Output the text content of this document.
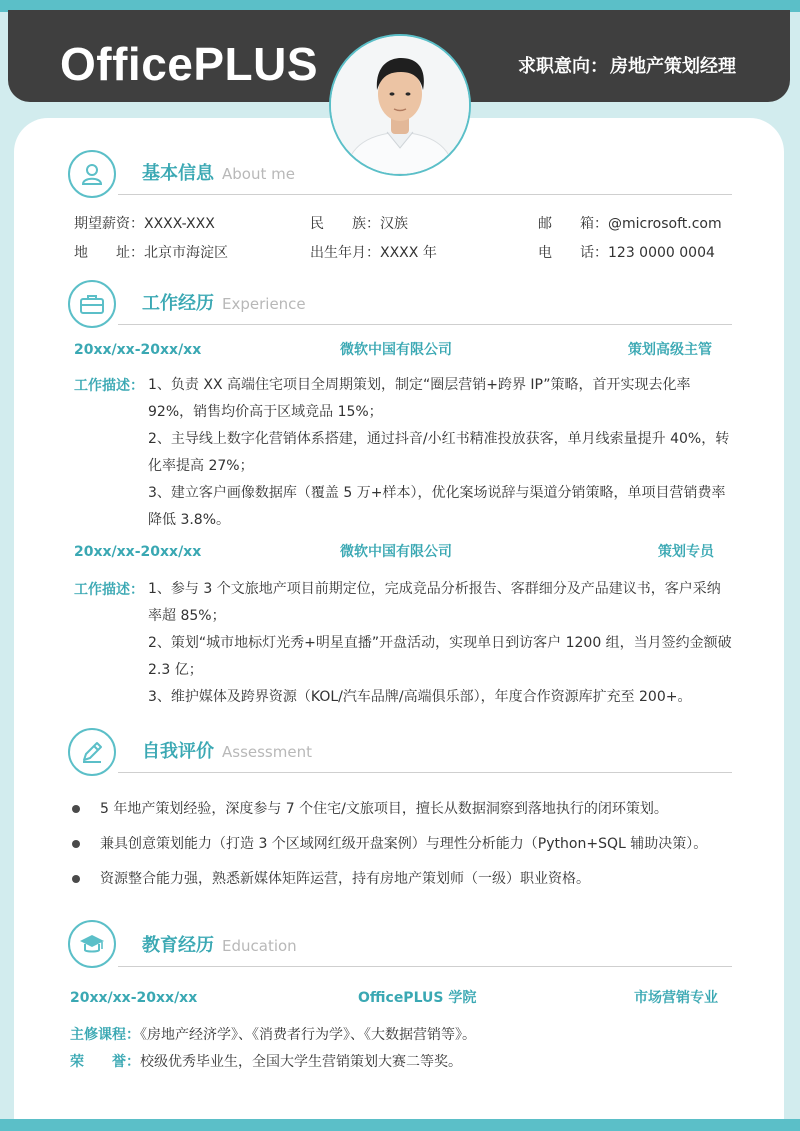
OfficePLUS	求职意向： 房地产策划经理
基本信息 About me
期望薪资：XXXX-XXX	民　　族：汉族	邮　　箱：@microsoft.com
地　　址：北京市海淀区	出生年月：XXXX 年	电　　话：123 0000 0004
工作经历 Experience
20xx/xx-20xx/xx	微软中国有限公司	策划高级主管
工作描述： 1、负责 XX 高端住宅项目全周期策划，制定“圈层营销+跨界 IP”策略，首开实现去化率 92%，销售均价高于区域竞品 15%；
2、主导线上数字化营销体系搭建，通过抖音/小红书精准投放获客，单月线索量提升 40%，转化率提高 27%；
3、建立客户画像数据库（覆盖 5 万+样本），优化案场说辞与渠道分销策略，单项目营销费率降低 3.8%。
20xx/xx-20xx/xx	微软中国有限公司	策划专员
工作描述： 1、参与 3 个文旅地产项目前期定位，完成竞品分析报告、客群细分及产品建议书，客户采纳率超 85%；
2、策划“城市地标灯光秀+明星直播”开盘活动，实现单日到访客户 1200 组，当月签约金额破 2.3 亿；
3、维护媒体及跨界资源（KOL/汽车品牌/高端俱乐部），年度合作资源库扩充至 200+。
自我评价 Assessment
5 年地产策划经验，深度参与 7 个住宅/文旅项目，擅长从数据洞察到落地执行的闭环策划。
兼具创意策划能力（打造 3 个区域网红级开盘案例）与理性分析能力（Python+SQL 辅助决策）。
资源整合能力强，熟悉新媒体矩阵运营，持有房地产策划师（一级）职业资格。
教育经历 Education
20xx/xx-20xx/xx	OfficePLUS 学院	市场营销专业
主修课程：《房地产经济学》、《消费者行为学》、《大数据营销等》。
荣　　誉：校级优秀毕业生，全国大学生营销策划大赛二等奖。
